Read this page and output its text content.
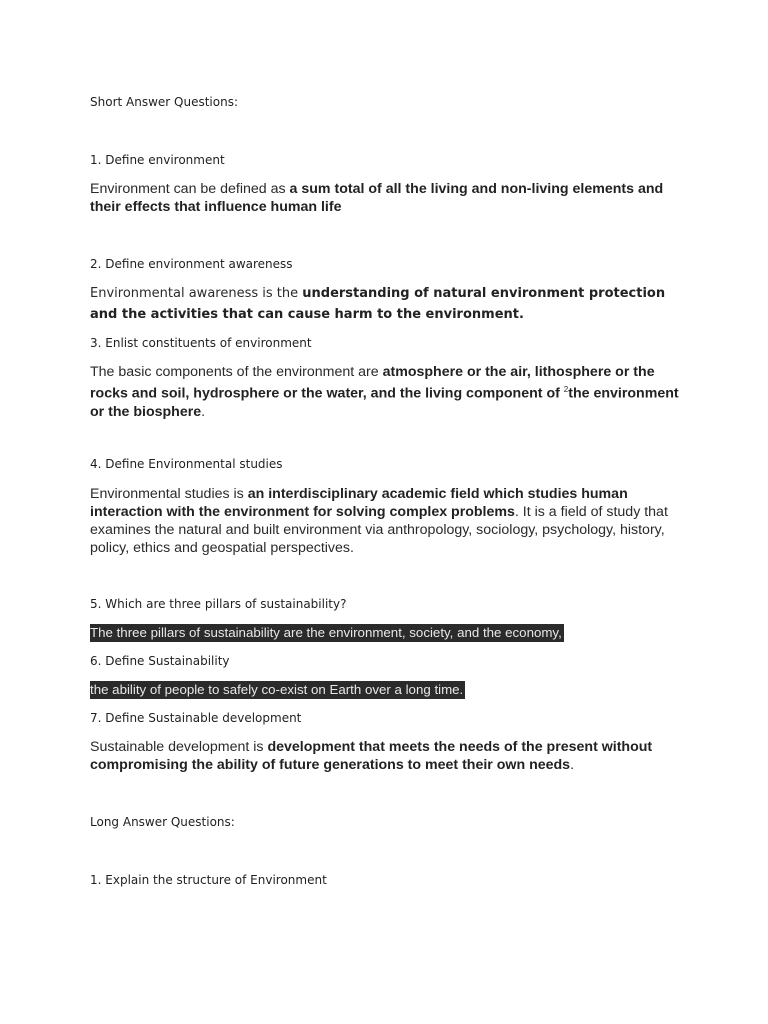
Short Answer Questions:
1. Define environment
Environment can be defined as a sum total of all the living and non-living elements and their effects that influence human life
2. Define environment awareness
Environmental awareness is the understanding of natural environment protection and the activities that can cause harm to the environment.
3. Enlist constituents of environment
The basic components of the environment are atmosphere or the air, lithosphere or the rocks and soil, hydrosphere or the water, and the living component of $^2$the environment or the biosphere.
4. Define Environmental studies
Environmental studies is an interdisciplinary academic field which studies human interaction with the environment for solving complex problems. It is a field of study that examines the natural and built environment via anthropology, sociology, psychology, history, policy, ethics and geospatial perspectives.
5. Which are three pillars of sustainability?
The three pillars of sustainability are the environment, society, and the economy,
6. Define Sustainability
the ability of people to safely co-exist on Earth over a long time.
7. Define Sustainable development
Sustainable development is development that meets the needs of the present without compromising the ability of future generations to meet their own needs.
Long Answer Questions:
1. Explain the structure of Environment
